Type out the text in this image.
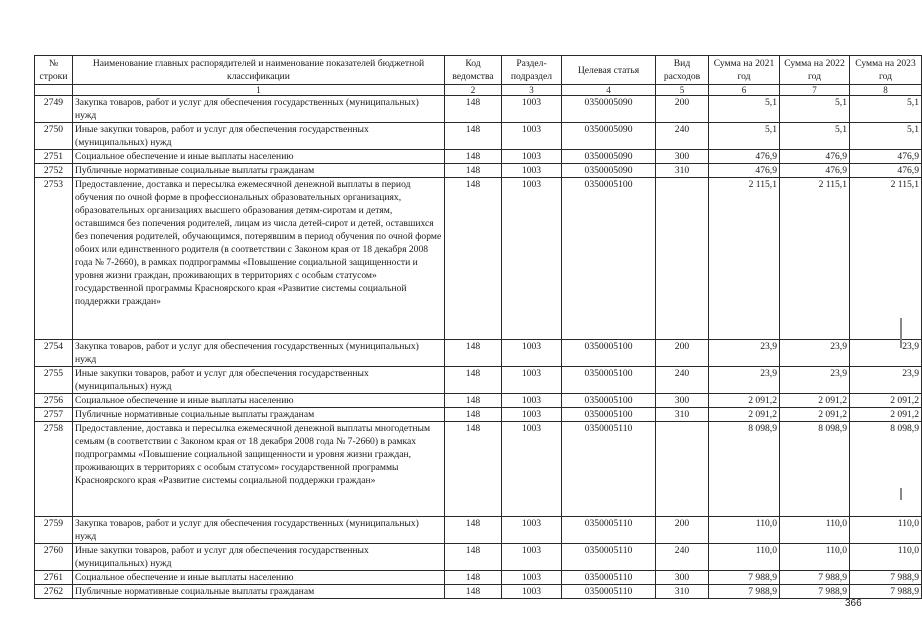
№ строки	Наименование главных распорядителей и наименование показателей бюджетной классификации	Код ведомства	Раздел-подраздел	Целевая статья	Вид расходов	Сумма на 2021 год	Сумма на 2022 год	Сумма на 2023 год
	1	2	3	4	5	6	7	8
2749	Закупка товаров, работ и услуг для обеспечения государственных (муниципальных) нужд	148	1003	0350005090	200	5,1	5,1	5,1
2750	Иные закупки товаров, работ и услуг для обеспечения государственных (муниципальных) нужд	148	1003	0350005090	240	5,1	5,1	5,1
2751	Социальное обеспечение и иные выплаты населению	148	1003	0350005090	300	476,9	476,9	476,9
2752	Публичные нормативные социальные выплаты гражданам	148	1003	0350005090	310	476,9	476,9	476,9
2753	Предоставление, доставка и пересылка ежемесячной денежной выплаты в период обучения по очной форме в профессиональных образовательных организациях, образовательных организациях высшего образования детям-сиротам и детям, оставшимся без попечения родителей, лицам из числа детей-сирот и детей, оставшихся без попечения родителей, обучающимся, потерявшим в период обучения по очной форме обоих или единственного родителя (в соответствии с Законом края от 18 декабря 2008 года № 7-2660), в рамках подпрограммы «Повышение социальной защищенности и уровня жизни граждан, проживающих в территориях с особым статусом» государственной программы Красноярского края «Развитие системы социальной поддержки граждан»	148	1003	0350005100		2 115,1	2 115,1	2 115,1
2754	Закупка товаров, работ и услуг для обеспечения государственных (муниципальных) нужд	148	1003	0350005100	200	23,9	23,9	23,9
2755	Иные закупки товаров, работ и услуг для обеспечения государственных (муниципальных) нужд	148	1003	0350005100	240	23,9	23,9	23,9
2756	Социальное обеспечение и иные выплаты населению	148	1003	0350005100	300	2 091,2	2 091,2	2 091,2
2757	Публичные нормативные социальные выплаты гражданам	148	1003	0350005100	310	2 091,2	2 091,2	2 091,2
2758	Предоставление, доставка и пересылка ежемесячной денежной выплаты многодетным семьям (в соответствии с Законом края от 18 декабря 2008 года № 7-2660) в рамках подпрограммы «Повышение социальной защищенности и уровня жизни граждан, проживающих в территориях с особым статусом» государственной программы Красноярского края «Развитие системы социальной поддержки граждан»	148	1003	0350005110		8 098,9	8 098,9	8 098,9
2759	Закупка товаров, работ и услуг для обеспечения государственных (муниципальных) нужд	148	1003	0350005110	200	110,0	110,0	110,0
2760	Иные закупки товаров, работ и услуг для обеспечения государственных (муниципальных) нужд	148	1003	0350005110	240	110,0	110,0	110,0
2761	Социальное обеспечение и иные выплаты населению	148	1003	0350005110	300	7 988,9	7 988,9	7 988,9
2762	Публичные нормативные социальные выплаты гражданам	148	1003	0350005110	310	7 988,9	7 988,9	7 988,9
366
